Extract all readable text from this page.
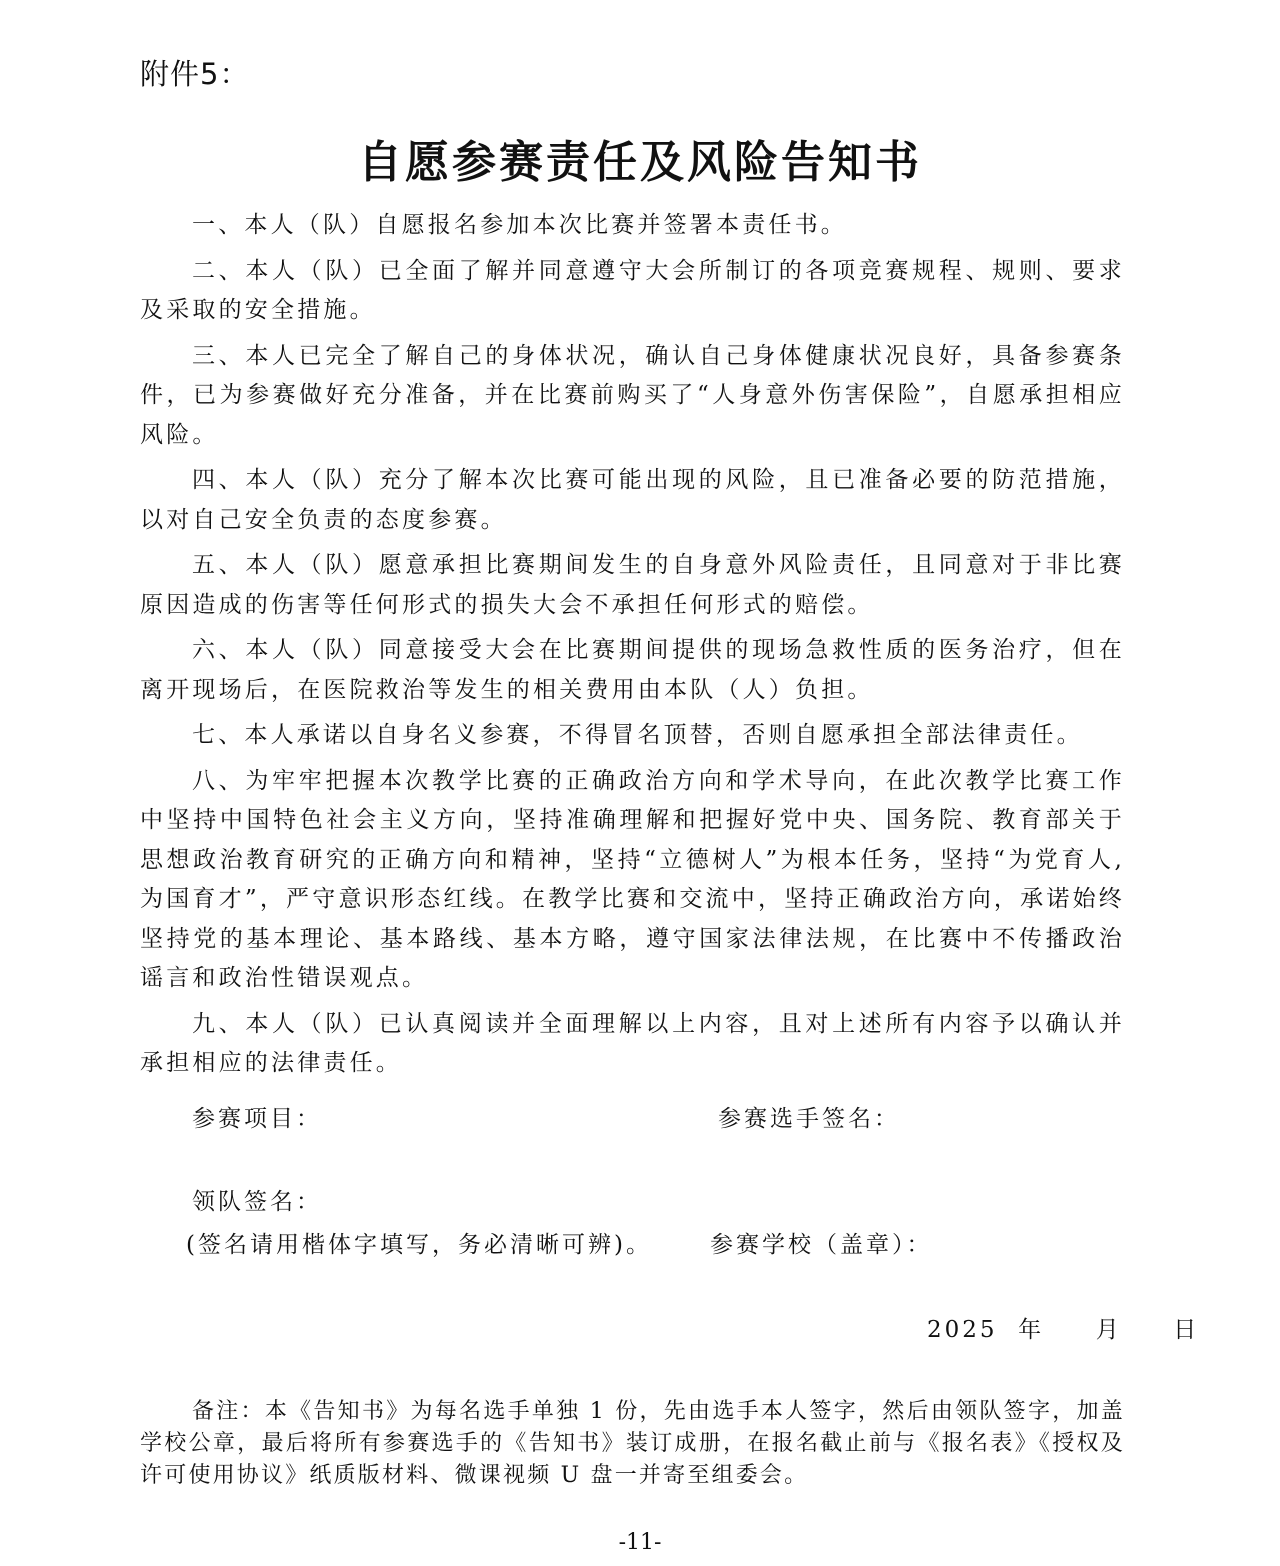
附件5：
自愿参赛责任及风险告知书

一、本人（队）自愿报名参加本次比赛并签署本责任书。

二、本人（队）已全面了解并同意遵守大会所制订的各项竞赛规程、规则、要求及采取的安全措施。

三、本人已完全了解自己的身体状况，确认自己身体健康状况良好，具备参赛条件，已为参赛做好充分准备，并在比赛前购买了“人身意外伤害保险”，自愿承担相应风险。

四、本人（队）充分了解本次比赛可能出现的风险，且已准备必要的防范措施，以对自己安全负责的态度参赛。

五、本人（队）愿意承担比赛期间发生的自身意外风险责任，且同意对于非比赛原因造成的伤害等任何形式的损失大会不承担任何形式的赔偿。

六、本人（队）同意接受大会在比赛期间提供的现场急救性质的医务治疗，但在离开现场后，在医院救治等发生的相关费用由本队（人）负担。

七、本人承诺以自身名义参赛，不得冒名顶替，否则自愿承担全部法律责任。

八、为牢牢把握本次教学比赛的正确政治方向和学术导向，在此次教学比赛工作中坚持中国特色社会主义方向，坚持准确理解和把握好党中央、国务院、教育部关于思想政治教育研究的正确方向和精神，坚持“立德树人”为根本任务，坚持“为党育人,为国育才”，严守意识形态红线。在教学比赛和交流中，坚持正确政治方向，承诺始终坚持党的基本理论、基本路线、基本方略，遵守国家法律法规，在比赛中不传播政治谣言和政治性错误观点。

九、本人（队）已认真阅读并全面理解以上内容，且对上述所有内容予以确认并承担相应的法律责任。

参赛项目：	参赛选手签名：
领队签名：
(签名请用楷体字填写，务必清晰可辨)。	参赛学校（盖章）：
2025  年     月     日

备注：本《告知书》为每名选手单独 1 份，先由选手本人签字，然后由领队签字，加盖学校公章，最后将所有参赛选手的《告知书》装订成册，在报名截止前与《报名表》《授权及许可使用协议》纸质版材料、微课视频 U 盘一并寄至组委会。

-11-
